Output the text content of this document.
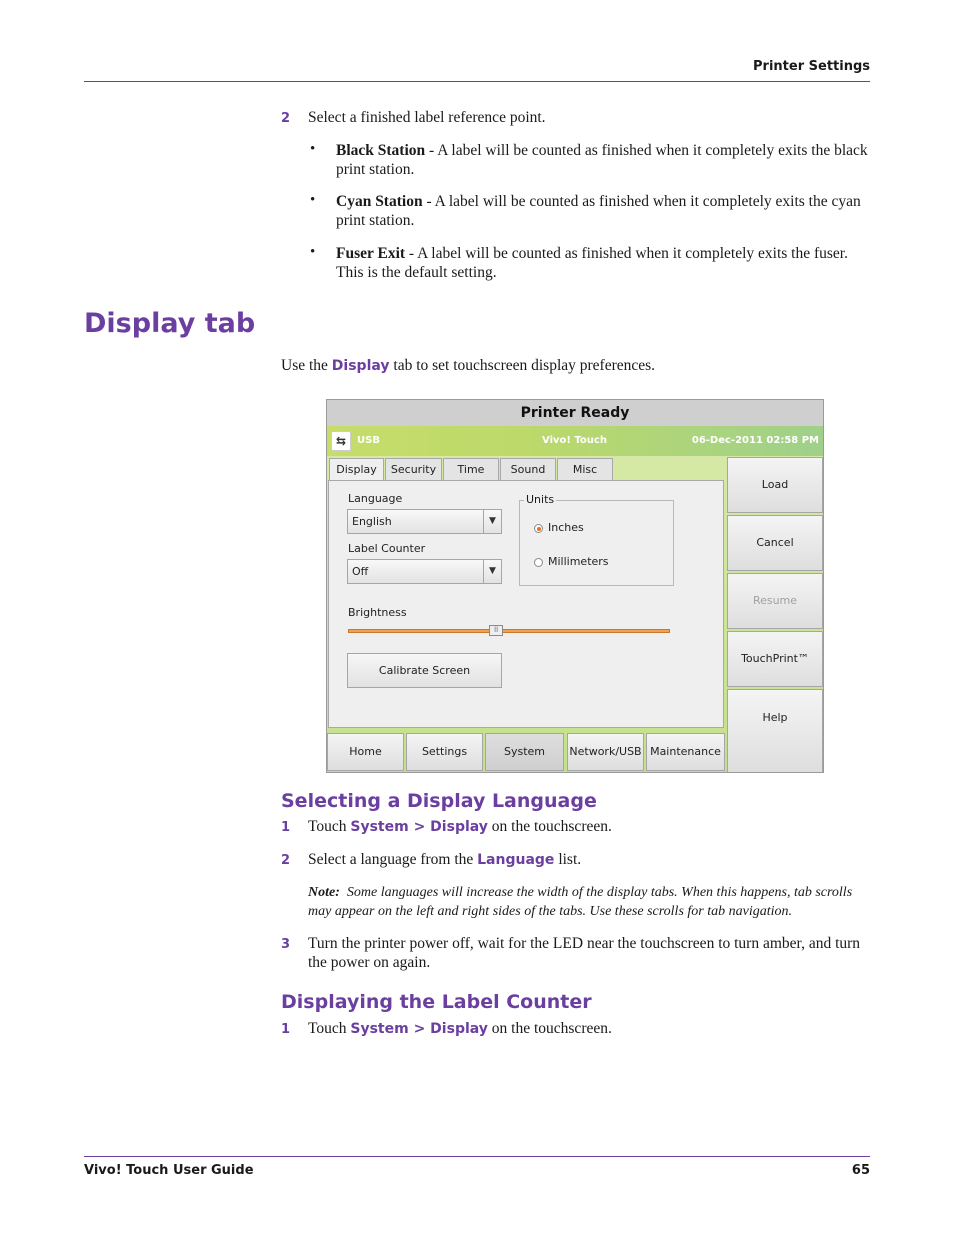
Printer Settings
2 Select a finished label reference point.
• Black Station - A label will be counted as finished when it completely exits the black print station.
• Cyan Station - A label will be counted as finished when it completely exits the cyan print station.
• Fuser Exit - A label will be counted as finished when it completely exits the fuser. This is the default setting.
Display tab
Use the Display tab to set touchscreen display preferences.
Printer Ready
⇆	USB	Vivo! Touch	06-Dec-2011 02:58 PM
Display	Security	Time	Sound	Misc
Language
English	▼
Label Counter
Off	▼
Units
Inches
Millimeters
Brightness
ll
Calibrate Screen
Load
Cancel
Resume
TouchPrint™
Help
Home	Settings	System	Network/USB Maintenance
Selecting a Display Language
1 Touch System > Display on the touchscreen.
2 Select a language from the Language list.
Note: Some languages will increase the width of the display tabs. When this happens, tab scrolls may appear on the left and right sides of the tabs. Use these scrolls for tab navigation.
3 Turn the printer power off, wait for the LED near the touchscreen to turn amber, and turn the power on again.
Displaying the Label Counter
1 Touch System > Display on the touchscreen.
Vivo! Touch User Guide	65
